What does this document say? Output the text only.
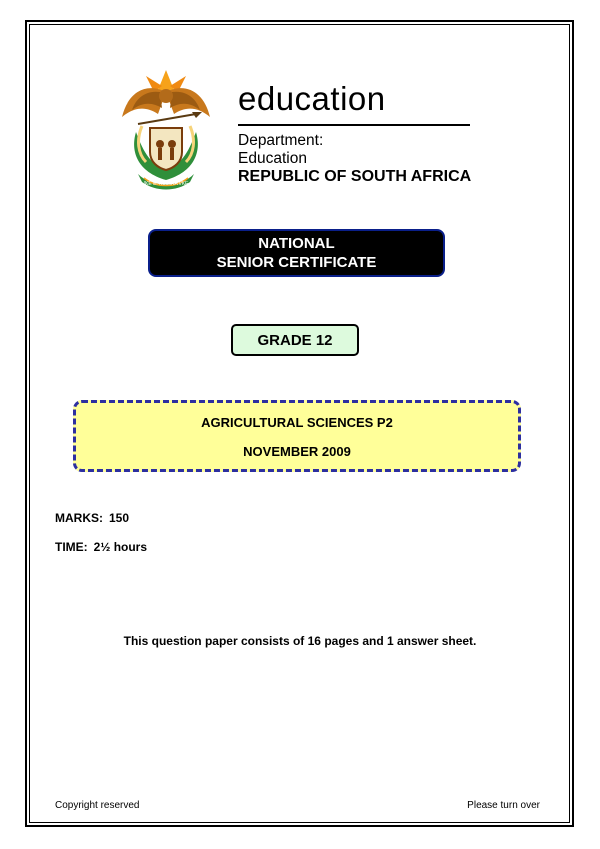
!KE E: /XARRA //KE
education
Department:
Education
REPUBLIC OF SOUTH AFRICA
NATIONAL
SENIOR CERTIFICATE
GRADE 12
AGRICULTURAL SCIENCES P2
NOVEMBER 2009
MARKS: 150
TIME: 2½ hours
This question paper consists of 16 pages and 1 answer sheet.
Copyright reserved	Please turn over
